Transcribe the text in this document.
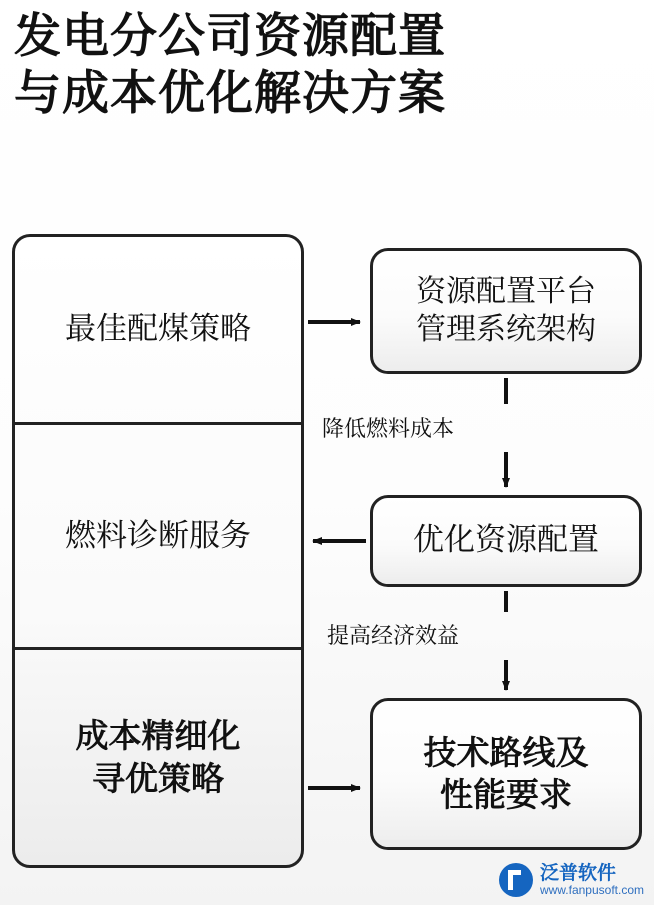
发电分公司资源配置
与成本优化解决方案
最佳配煤策略
燃料诊断服务
成本精细化
寻优策略
资源配置平台
管理系统架构
优化资源配置
技术路线及
性能要求
降低燃料成本
提高经济效益
泛普软件
www.fanpusoft.com
